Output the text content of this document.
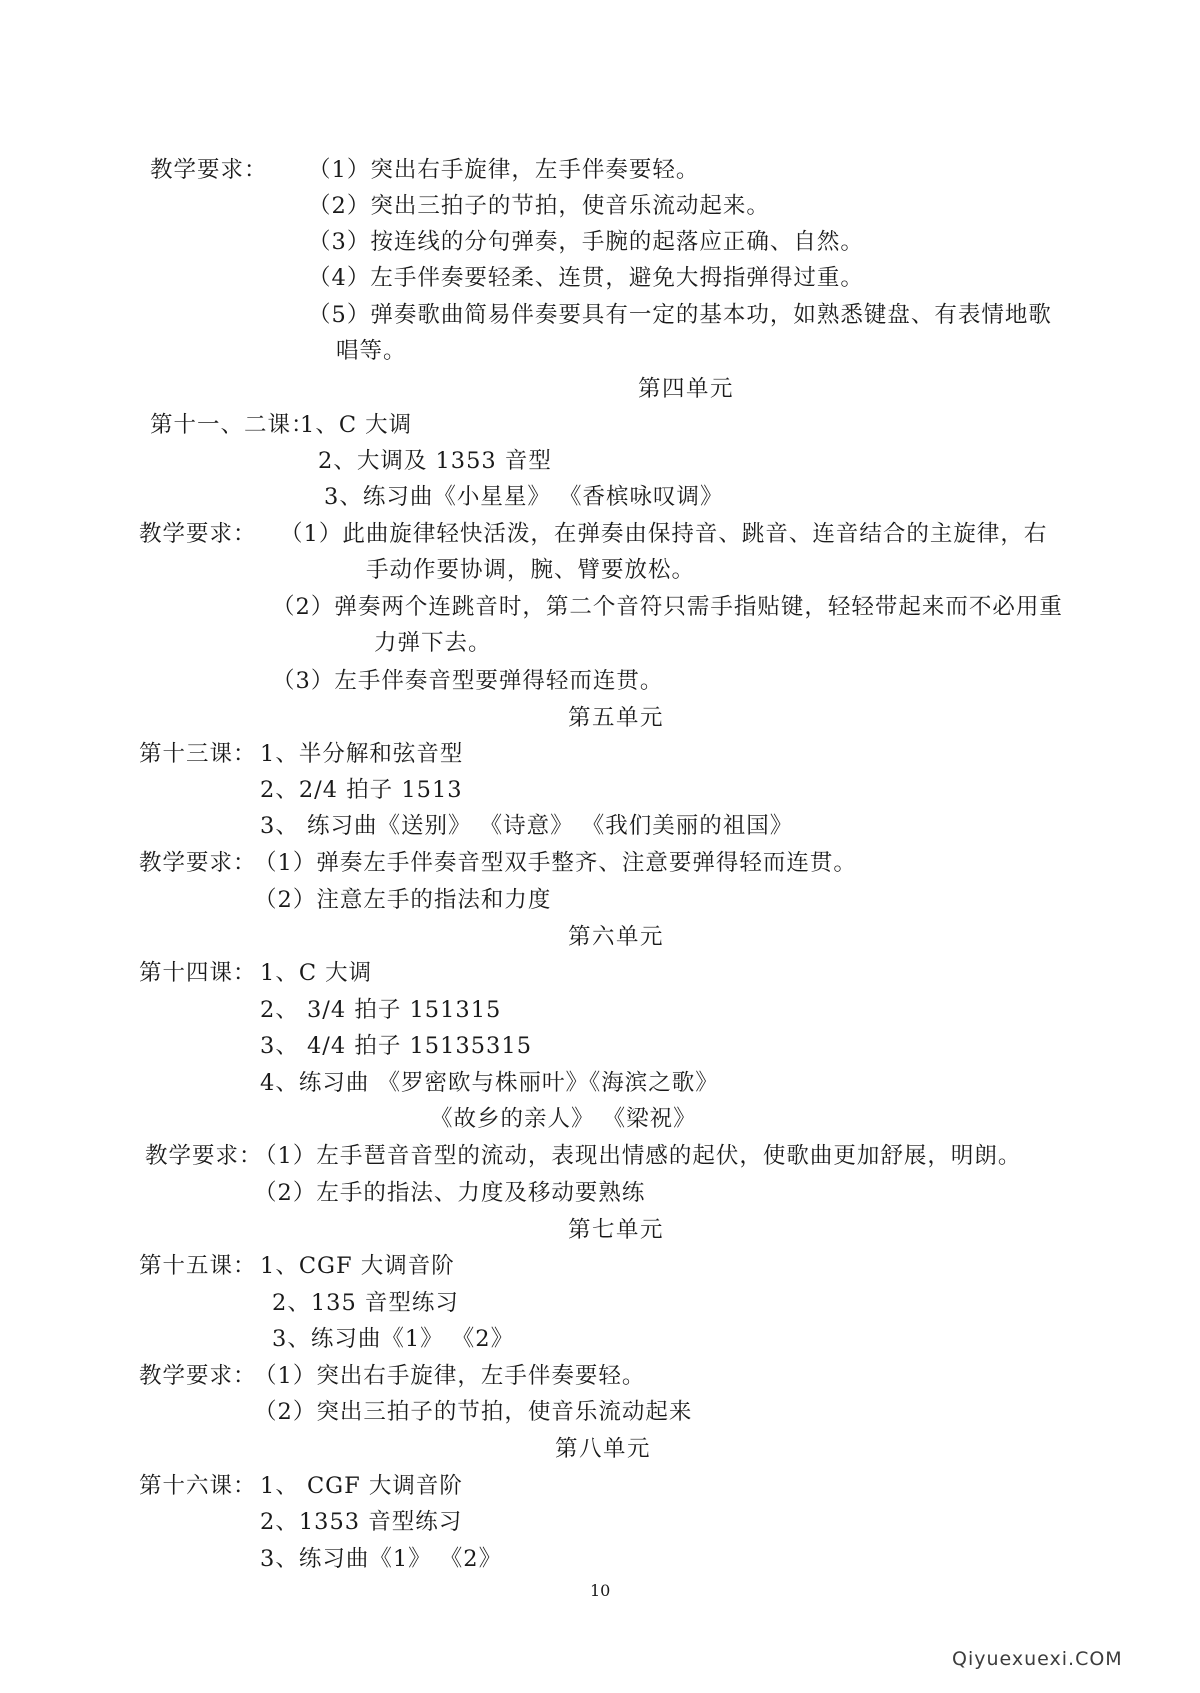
教学要求： （1）突出右手旋律，左手伴奏要轻。
（2）突出三拍子的节拍，使音乐流动起来。
（3）按连线的分句弹奏，手腕的起落应正确、自然。
（4）左手伴奏要轻柔、连贯，避免大拇指弹得过重。
（5）弹奏歌曲简易伴奏要具有一定的基本功，如熟悉键盘、有表情地歌
唱等。
第四单元
第十一、二课：
1、C 大调
2、大调及 1353 音型
3、练习曲《小星星》 《香槟咏叹调》
教学要求： （1）此曲旋律轻快活泼，在弹奏由保持音、跳音、连音结合的主旋律，右
手动作要协调，腕、臂要放松。
（2）弹奏两个连跳音时，第二个音符只需手指贴键，轻轻带起来而不必用重
力弹下去。
（3）左手伴奏音型要弹得轻而连贯。
第五单元
第十三课： 1、半分解和弦音型
2、2/4 拍子 1513
3、 练习曲《送别》 《诗意》 《我们美丽的祖国》
教学要求：
（1）弹奏左手伴奏音型双手整齐、注意要弹得轻而连贯。
（2）注意左手的指法和力度
第六单元
第十四课： 1、C 大调
2、 3/4 拍子 151315
3、 4/4 拍子 15135315
4、练习曲 《罗密欧与株丽叶》《海滨之歌》
《故乡的亲人》 《梁祝》
教学要求：
（1）左手琶音音型的流动，表现出情感的起伏，使歌曲更加舒展，明朗。
（2）左手的指法、力度及移动要熟练
第七单元
第十五课： 1、CGF 大调音阶
2、135 音型练习
3、练习曲《1》 《2》
教学要求：
（1）突出右手旋律，左手伴奏要轻。
（2）突出三拍子的节拍，使音乐流动起来
第八单元
第十六课： 1、 CGF 大调音阶
2、1353 音型练习
3、练习曲《1》 《2》
10
Qiyuexuexi.COM
